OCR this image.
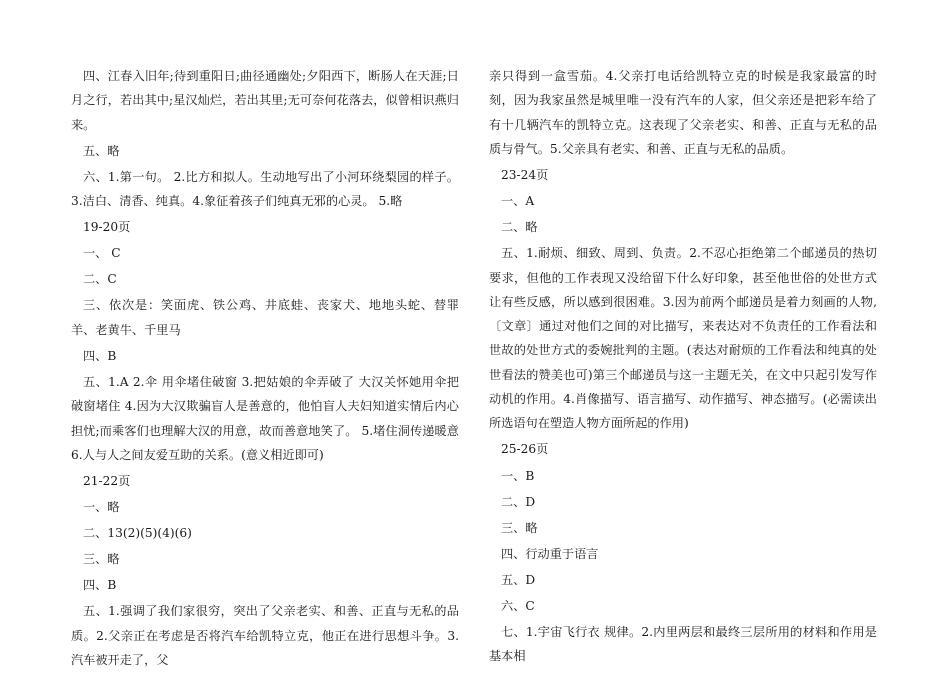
四、江春入旧年;待到重阳日;曲径通幽处;夕阳西下，断肠人在天涯;日月之行，若出其中;星汉灿烂，若出其里;无可奈何花落去，似曾相识燕归来。

五、略

六、1.第一句。 2.比方和拟人。生动地写出了小河环绕梨园的样子。 3.洁白、清香、纯真。4.象征着孩子们纯真无邪的心灵。 5.略

19-20页

一、 C

二、C

三、依次是：笑面虎、铁公鸡、井底蛙、丧家犬、地地头蛇、替罪羊、老黄牛、千里马

四、B

五、1.A 2.伞 用伞堵住破窗 3.把姑娘的伞弄破了 大汉关怀她用伞把破窗堵住 4.因为大汉欺骗盲人是善意的，他怕盲人夫妇知道实情后内心担忧;而乘客们也理解大汉的用意，故而善意地笑了。 5.堵住洞传递暖意 6.人与人之间友爱互助的关系。(意义相近即可)

21-22页

一、略

二、13(2)(5)(4)(6)

三、略

四、B

五、1.强调了我们家很穷，突出了父亲老实、和善、正直与无私的品质。2.父亲正在考虑是否将汽车给凯特立克，他正在进行思想斗争。3.汽车被开走了，父

亲只得到一盒雪茄。4.父亲打电话给凯特立克的时候是我家最富的时刻，因为我家虽然是城里唯一没有汽车的人家，但父亲还是把彩车给了有十几辆汽车的凯特立克。这表现了父亲老实、和善、正直与无私的品质与骨气。5.父亲具有老实、和善、正直与无私的品质。

23-24页

一、A

二、略

五、1.耐烦、细致、周到、负责。2.不忍心拒绝第二个邮递员的热切要求，但他的工作表现又没给留下什么好印象，甚至他世俗的处世方式让有些反感，所以感到很困难。3.因为前两个邮递员是着力刻画的人物,〔文章〕通过对他们之间的对比描写，来表达对不负责任的工作看法和世故的处世方式的委婉批判的主题。(表达对耐烦的工作看法和纯真的处世看法的赞美也可)第三个邮递员与这一主题无关，在文中只起引发写作动机的作用。4.肖像描写、语言描写、动作描写、神态描写。(必需读出所选语句在塑造人物方面所起的作用)

25-26页

一、B

二、D

三、略

四、行动重于语言

五、D

六、C

七、1.宇宙飞行衣 规律。2.内里两层和最终三层所用的材料和作用是基本相
